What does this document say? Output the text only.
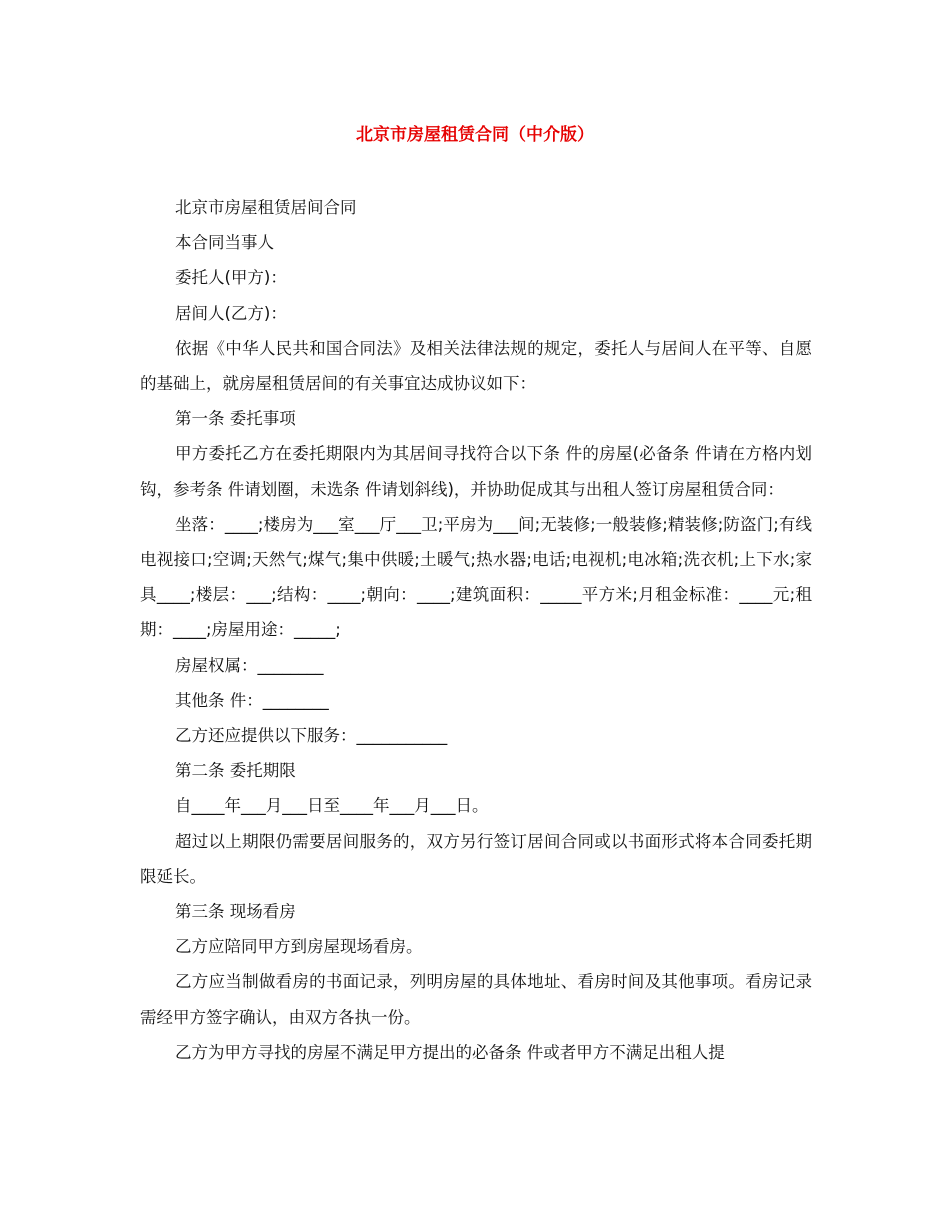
北京市房屋租赁合同（中介版）

北京市房屋租赁居间合同

本合同当事人

委托人(甲方)：

居间人(乙方)：

依据《中华人民共和国合同法》及相关法律法规的规定，委托人与居间人在平等、自愿的基础上，就房屋租赁居间的有关事宜达成协议如下：

第一条 委托事项

甲方委托乙方在委托期限内为其居间寻找符合以下条 件的房屋(必备条 件请在方格内划钩，参考条 件请划圈，未选条 件请划斜线)，并协助促成其与出租人签订房屋租赁合同：

坐落：____;楼房为___室___厅___卫;平房为___间;无装修;一般装修;精装修;防盗门;有线电视接口;空调;天然气;煤气;集中供暖;土暖气;热水器;电话;电视机;电冰箱;洗衣机;上下水;家具____;楼层：___;结构：____;朝向：____;建筑面积：_____平方米;月租金标准：____元;租期：____;房屋用途：_____;

房屋权属：________

其他条 件：________

乙方还应提供以下服务：___________

第二条 委托期限

自____年___月___日至____年___月___日。

超过以上期限仍需要居间服务的，双方另行签订居间合同或以书面形式将本合同委托期限延长。

第三条 现场看房

乙方应陪同甲方到房屋现场看房。

乙方应当制做看房的书面记录，列明房屋的具体地址、看房时间及其他事项。看房记录需经甲方签字确认，由双方各执一份。

乙方为甲方寻找的房屋不满足甲方提出的必备条 件或者甲方不满足出租人提
